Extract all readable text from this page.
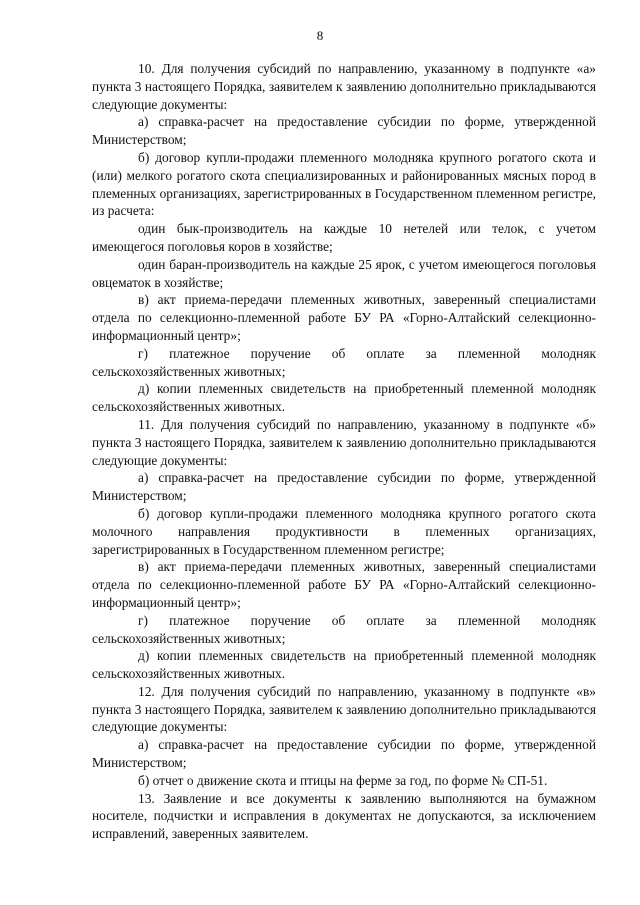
8

10. Для получения субсидий по направлению, указанному в подпункте «а» пункта 3 настоящего Порядка, заявителем к заявлению дополнительно прикладываются следующие документы:

а) справка-расчет на предоставление субсидии по форме, утвержденной Министерством;

б) договор купли-продажи племенного молодняка крупного рогатого скота и (или) мелкого рогатого скота специализированных и районированных мясных пород в племенных организациях, зарегистрированных в Государственном племенном регистре, из расчета:

один бык-производитель на каждые 10 нетелей или телок, с учетом имеющегося поголовья коров в хозяйстве;

один баран-производитель на каждые 25 ярок, с учетом имеющегося поголовья овцематок в хозяйстве;

в) акт приема-передачи племенных животных, заверенный специалистами отдела по селекционно-племенной работе БУ РА «Горно-Алтайский селекционно-информационный центр»;

г) платежное поручение об оплате за племенной молодняк сельскохозяйственных животных;

д) копии племенных свидетельств на приобретенный племенной молодняк сельскохозяйственных животных.

11. Для получения субсидий по направлению, указанному в подпункте «б» пункта 3 настоящего Порядка, заявителем к заявлению дополнительно прикладываются следующие документы:

а) справка-расчет на предоставление субсидии по форме, утвержденной Министерством;

б) договор купли-продажи племенного молодняка крупного рогатого скота молочного направления продуктивности в племенных организациях, зарегистрированных в Государственном племенном регистре;

в) акт приема-передачи племенных животных, заверенный специалистами отдела по селекционно-племенной работе БУ РА «Горно-Алтайский селекционно-информационный центр»;

г) платежное поручение об оплате за племенной молодняк сельскохозяйственных животных;

д) копии племенных свидетельств на приобретенный племенной молодняк сельскохозяйственных животных.

12. Для получения субсидий по направлению, указанному в подпункте «в» пункта 3 настоящего Порядка, заявителем к заявлению дополнительно прикладываются следующие документы:

а) справка-расчет на предоставление субсидии по форме, утвержденной Министерством;

б) отчет о движение скота и птицы на ферме за год, по форме № СП-51.

13. Заявление и все документы к заявлению выполняются на бумажном носителе, подчистки и исправления в документах не допускаются, за исключением исправлений, заверенных заявителем.
